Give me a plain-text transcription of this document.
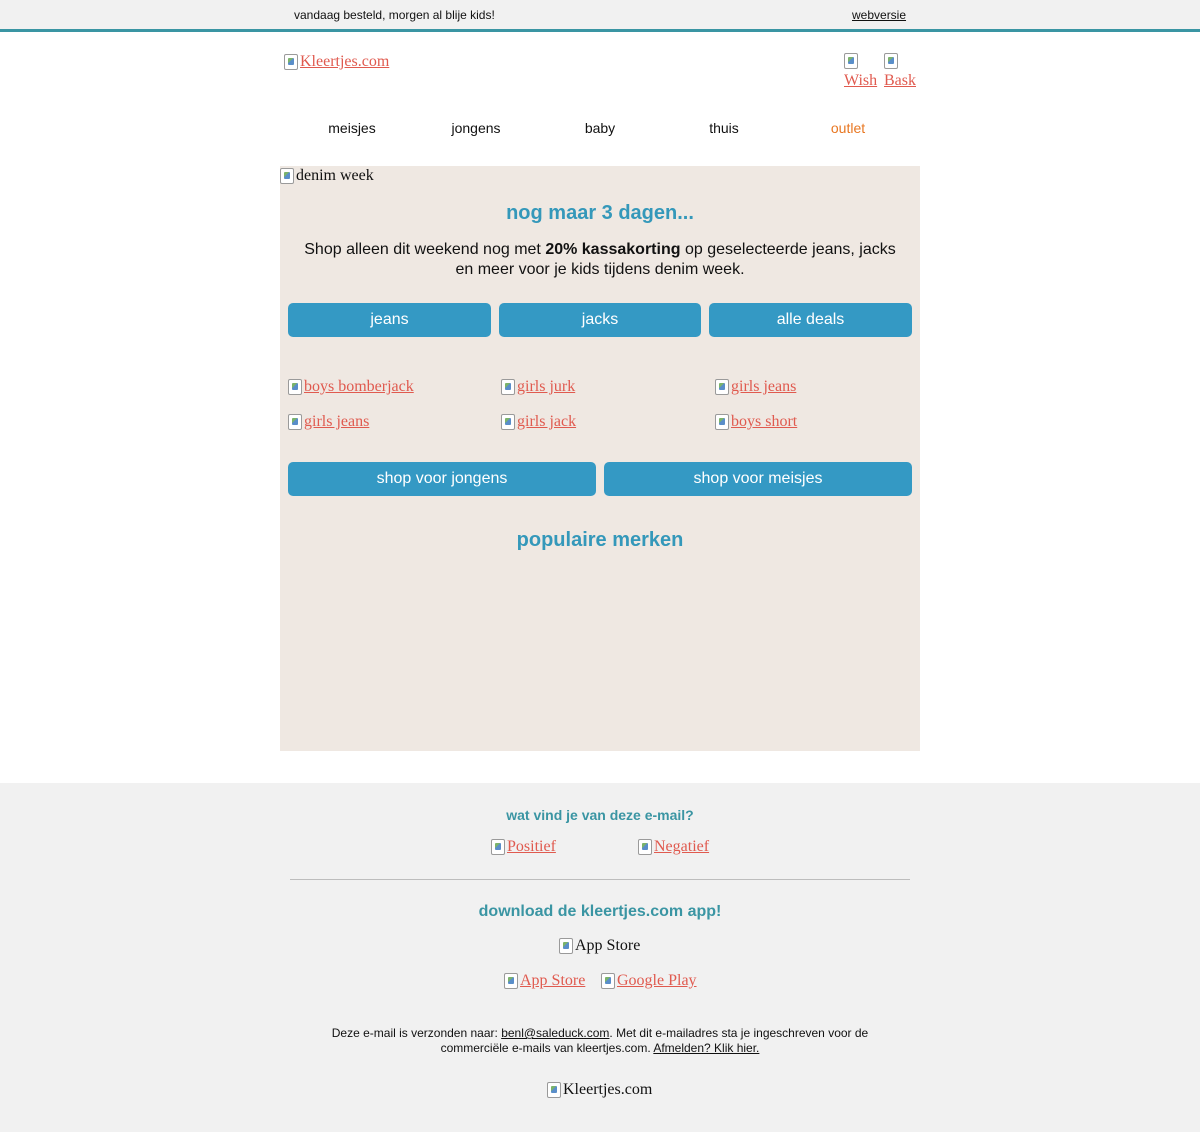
vandaag besteld, morgen al blije kids!	webversie
Kleertjes.com
Wish Bask
meisjes	jongens	baby	thuis	outlet
denim week
nog maar 3 dagen...
Shop alleen dit weekend nog met 20% kassakorting op geselecteerde jeans, jacks en meer voor je kids tijdens denim week.
jeans	jacks	alle deals
boys bomberjack	girls jurk	girls jeans
girls jeans	girls jack	boys short
shop voor jongens	shop voor meisjes
populaire merken
wat vind je van deze e-mail?
Positief	Negatief
download de kleertjes.com app!
App Store
App Store Google Play
Deze e-mail is verzonden naar: benl@saleduck.com. Met dit e-mailadres sta je ingeschreven voor de commerciële e-mails van kleertjes.com. Afmelden? Klik hier.
Kleertjes.com
